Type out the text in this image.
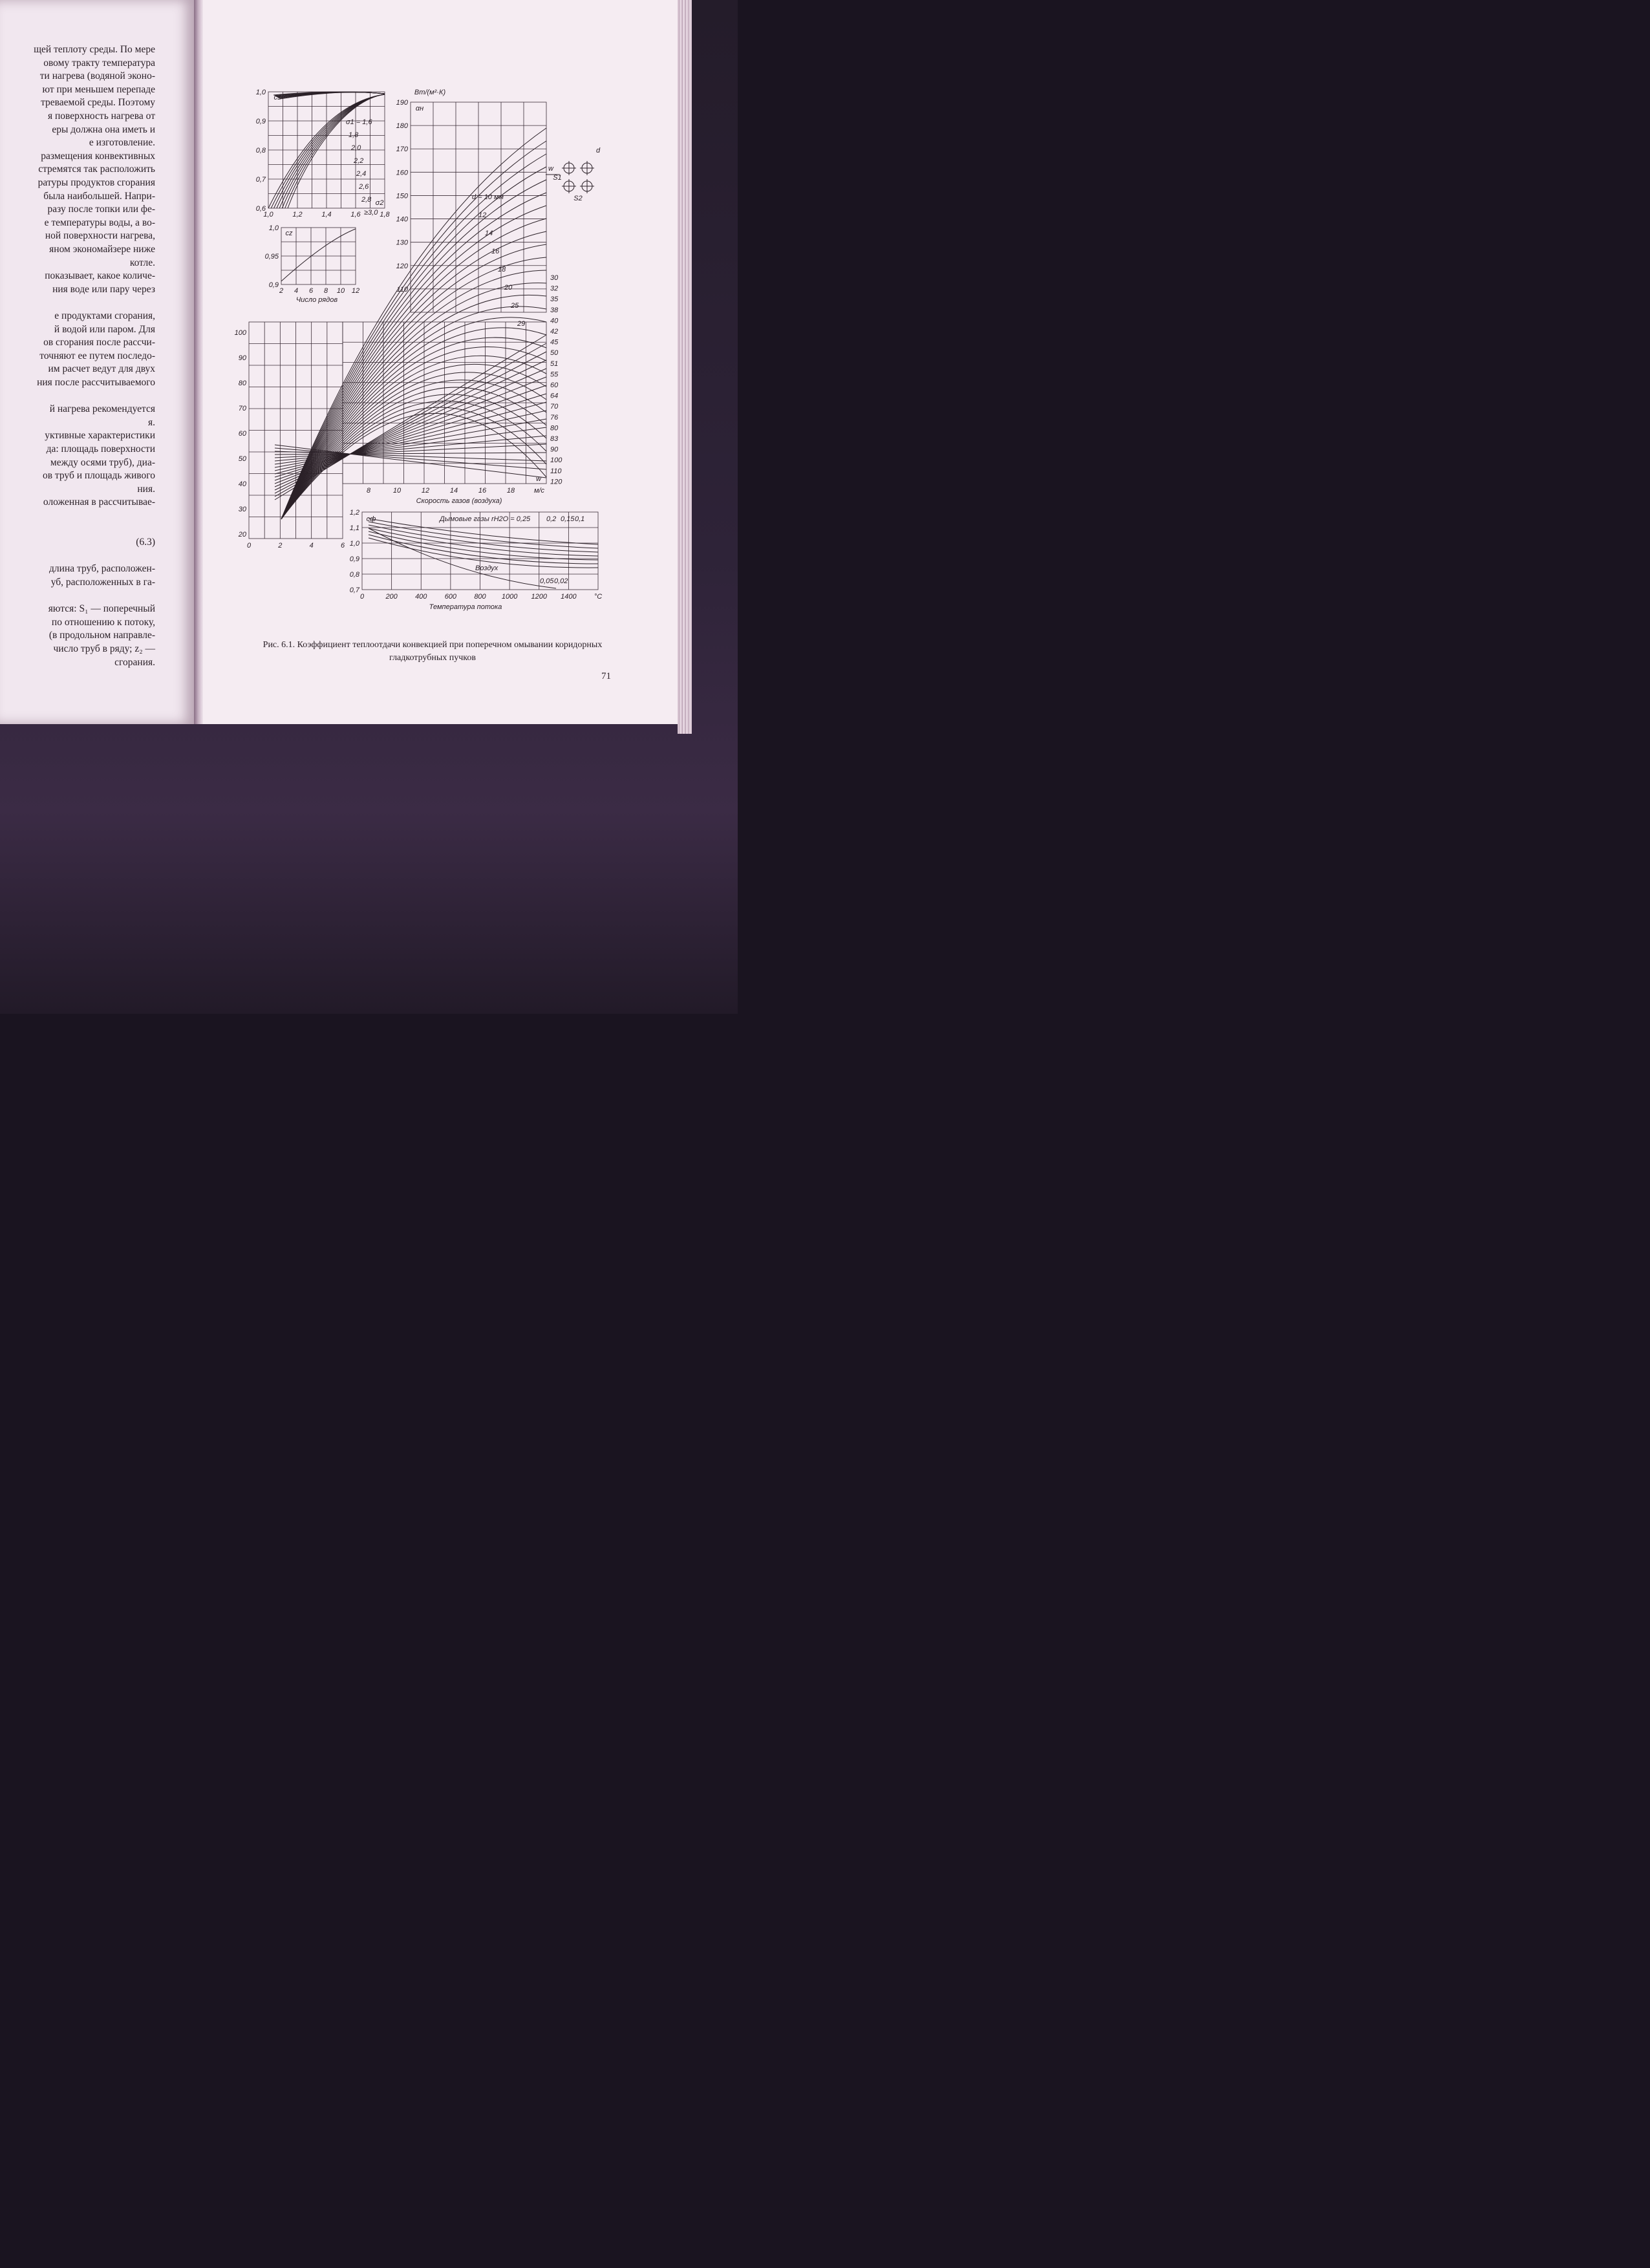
щей теплоту среды. По мере
овому тракту температура
ти нагрева (водяной эконо-
ют при меньшем перепаде
треваемой среды. Поэтому
я поверхность нагрева от
еры должна она иметь и
е изготовление.
размещения конвективных
стремятся так расположить
ратуры продуктов сгорания
была наибольшей. Напри-
разу после топки или фе-
е температуры воды, а во-
ной поверхности нагрева,
яном экономайзере ниже
котле.
показывает, какое количе-
ния воде или пару через
е продуктами сгорания,
й водой или паром. Для
ов сгорания после рассчи-
точняют ее путем последо-
им расчет ведут для двух
ния после рассчитываемого
й нагрева рекомендуется
я.
уктивные характеристики
да: площадь поверхности
между осями труб), диа-
ов труб и площадь живого
ния.
оложенная в рассчитывае-
(6.3)
длина труб, расположен-
уб, расположенных в га-
яются: S₁ — поперечный
по отношению к потоку,
(в продольном направле-
число труб в ряду; z₂ —
сгорания.
1,0
0,9
0,8
0,7
0,6
1,0	1,2	1,4	1,6	1,8
σ2
cs
σ1 = 1,6
1,8
2,0
2,2
2,4
2,6
2,8
≥3,0
1,0
0,95
0,9
2 4 6 8 10 12
Число рядов
cz
190
180
170
160
150
140
130
120
110
Вт/(м²·К)
αн
100
90
80
70
60
50
40
30
20
0	2	4	6
8	10	12	14	16	18	м/с
Скорость газов (воздуха)
w
d = 10 мм
12
14
16
18
20
25
29
30
32
35
38
40
42
45
50
51
55
60
64
70
76
80
83
90
100
110
120
1,2
1,1
1,0
0,9
0,8
0,7
0	200 400 600 800 1000 1200 1400 °С
Температура потока
cф	Дымовые газы rH2O = 0,25
Воздух
0,2 0,15 0,1
0,05 0,02
w
S1
S2
d
Рис. 6.1. Коэффициент теплоотдачи конвекцией при поперечном омывании коридорных гладкотрубных пучков
71
